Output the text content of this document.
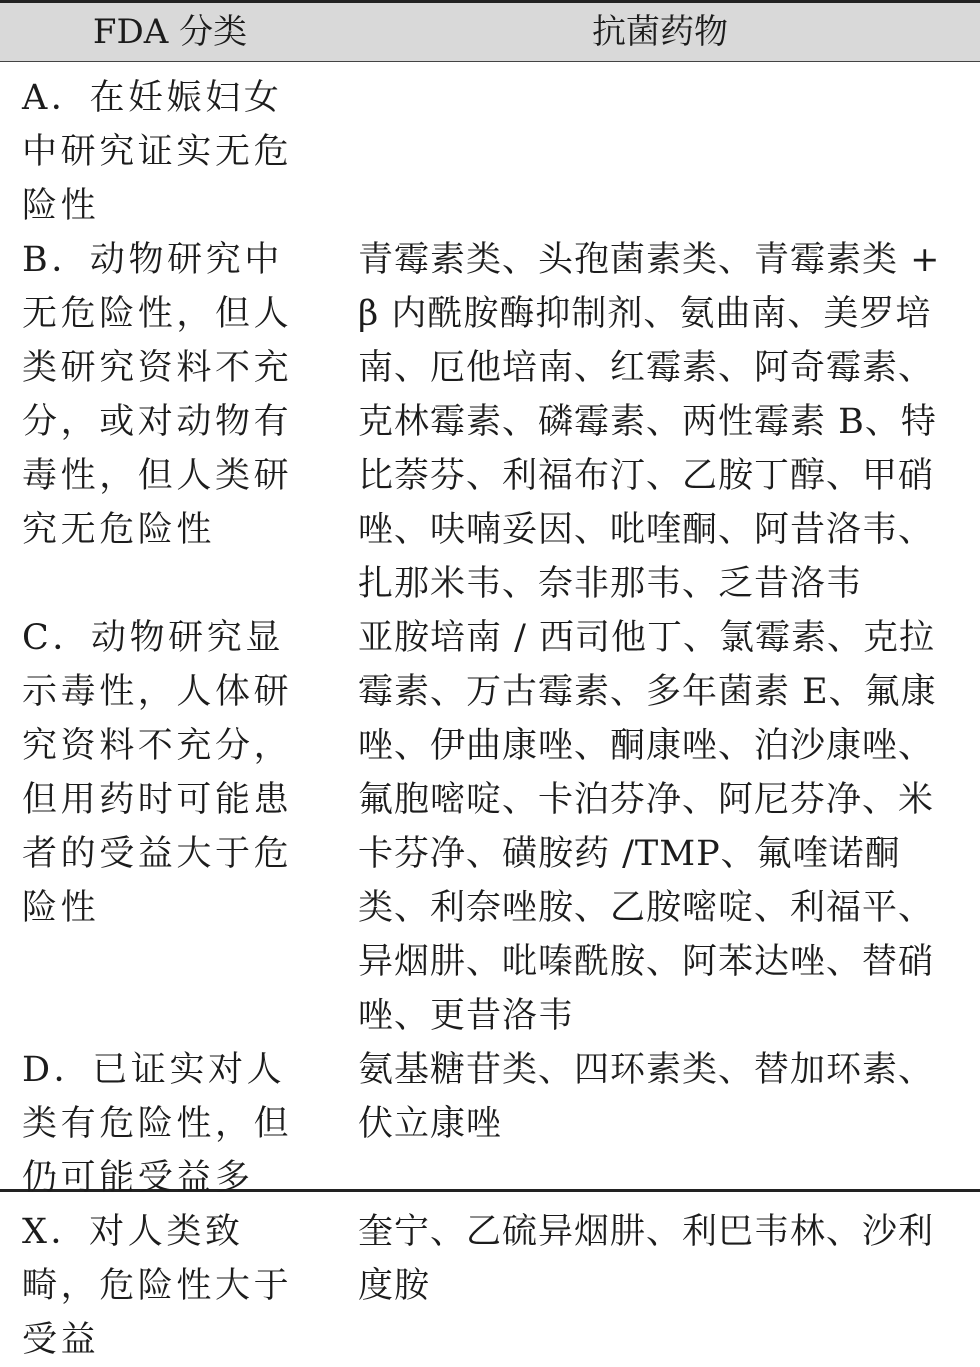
FDA 分类	抗菌药物
A．在妊娠妇女中研究证实无危险性
B．动物研究中无危险性，但人类研究资料不充分，或对动物有毒性，但人类研究无危险性
青霉素类、头孢菌素类、青霉素类 +β 内酰胺酶抑制剂、氨曲南、美罗培南、厄他培南、红霉素、阿奇霉素、克林霉素、磷霉素、两性霉素 B、特比萘芬、利福布汀、乙胺丁醇、甲硝唑、呋喃妥因、吡喹酮、阿昔洛韦、扎那米韦、奈非那韦、乏昔洛韦
C．动物研究显示毒性，人体研究资料不充分，但用药时可能患者的受益大于危险性
亚胺培南 / 西司他丁、氯霉素、克拉霉素、万古霉素、多年菌素 E、氟康唑、伊曲康唑、酮康唑、泊沙康唑、氟胞嘧啶、卡泊芬净、阿尼芬净、米卡芬净、磺胺药 /TMP、氟喹诺酮类、利奈唑胺、乙胺嘧啶、利福平、异烟肼、吡嗪酰胺、阿苯达唑、替硝唑、更昔洛韦
D．已证实对人类有危险性，但仍可能受益多
氨基糖苷类、四环素类、替加环素、伏立康唑
X．对人类致畸，危险性大于受益
奎宁、乙硫异烟肼、利巴韦林、沙利度胺
